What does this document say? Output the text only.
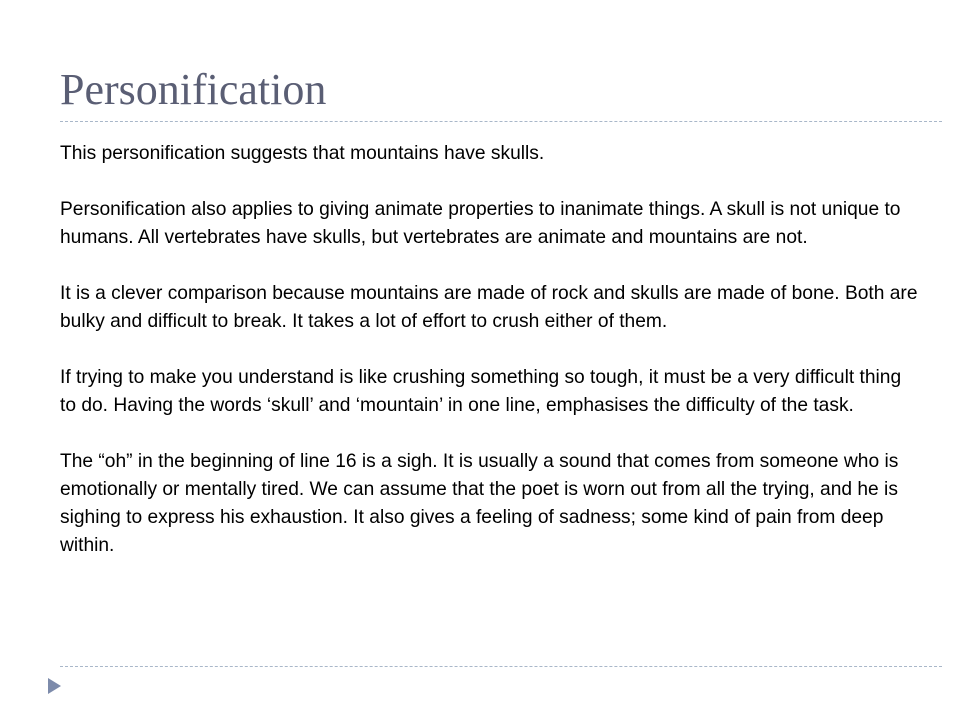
Personification

This personification suggests that mountains have skulls.

Personification also applies to giving animate properties to inanimate things. A skull is not unique to humans. All vertebrates have skulls, but vertebrates are animate and mountains are not.

It is a clever comparison because mountains are made of rock and skulls are made of bone. Both are bulky and difficult to break. It takes a lot of effort to crush either of them.

If trying to make you understand is like crushing something so tough, it must be a very difficult thing to do. Having the words ‘skull’ and ‘mountain’ in one line, emphasises the difficulty of the task.

The “oh” in the beginning of line 16 is a sigh. It is usually a sound that comes from someone who is emotionally or mentally tired. We can assume that the poet is worn out from all the trying, and he is sighing to express his exhaustion. It also gives a feeling of sadness; some kind of pain from deep within.
